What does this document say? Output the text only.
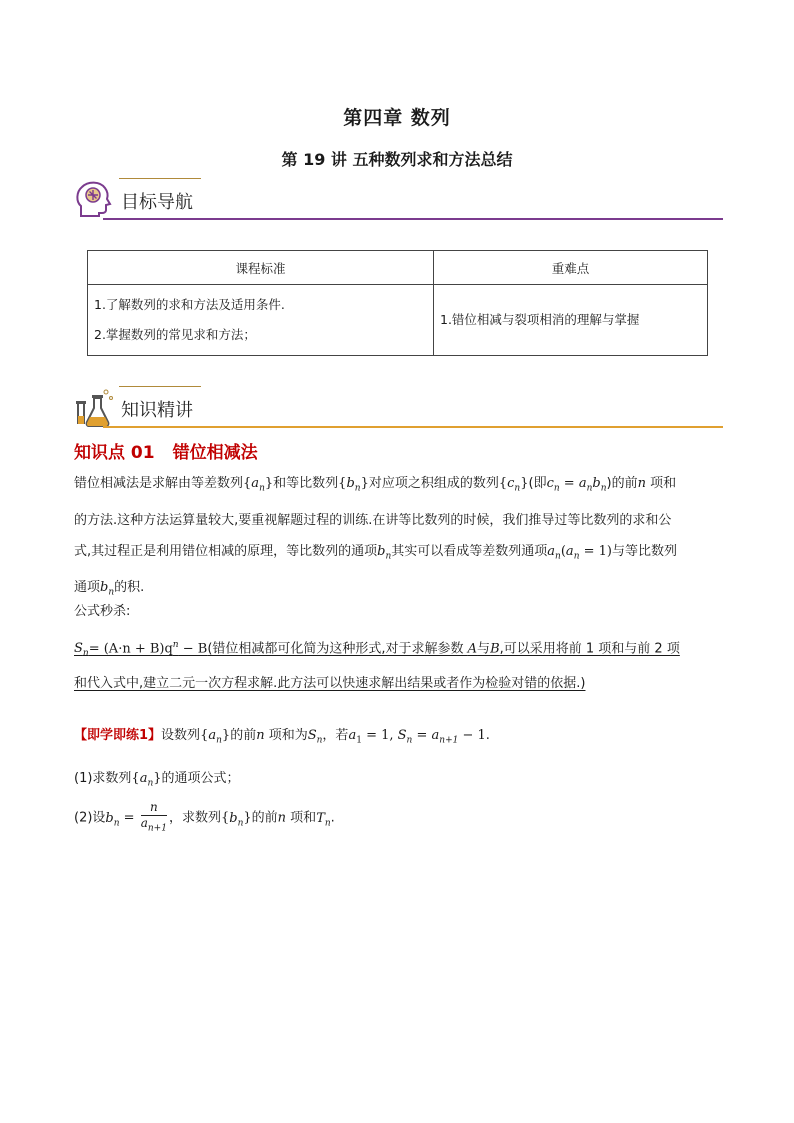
第四章 数列
第 19 讲 五种数列求和方法总结
目标导航
课程标准	重难点

1.了解数列的求和方法及适用条件.
2.掌握数列的常见求和方法；	1.错位相减与裂项相消的理解与掌握
知识精讲
知识点 01 错位相减法
错位相减法是求解由等差数列$\{a_n\}$和等比数列$\{b_n\}$对应项之积组成的数列$\{c_n\}$(即$c_n = a_nb_n$)的前n 项和
的方法.这种方法运算量较大,要重视解题过程的训练.在讲等比数列的时候，我们推导过等比数列的求和公
式,其过程正是利用错位相减的原理，等比数列的通项$b_n$其实可以看成等差数列通项$a_n(a_n = 1)$与等比数列
通项$b_n$的积.
公式秒杀:
$S_n= (A\cdot n + B)q^n - B$(错位相减都可化简为这种形式,对于求解参数 A与B,可以采用将前 1 项和与前 2 项
和代入式中,建立二元一次方程求解.此方法可以快速求解出结果或者作为检验对错的依据.)
【即学即练1】设数列$\{a_n\}$的前n 项和为$S_n$，若$a_1 = 1$, $S_n = a_{n+1} - 1$.
(1)求数列$\{a_n\}$的通项公式；
(2)设$b_n = \frac{n}{a_{n+1}}$ ，求数列$\{b_n\}$的前n 项和$T_n$.
